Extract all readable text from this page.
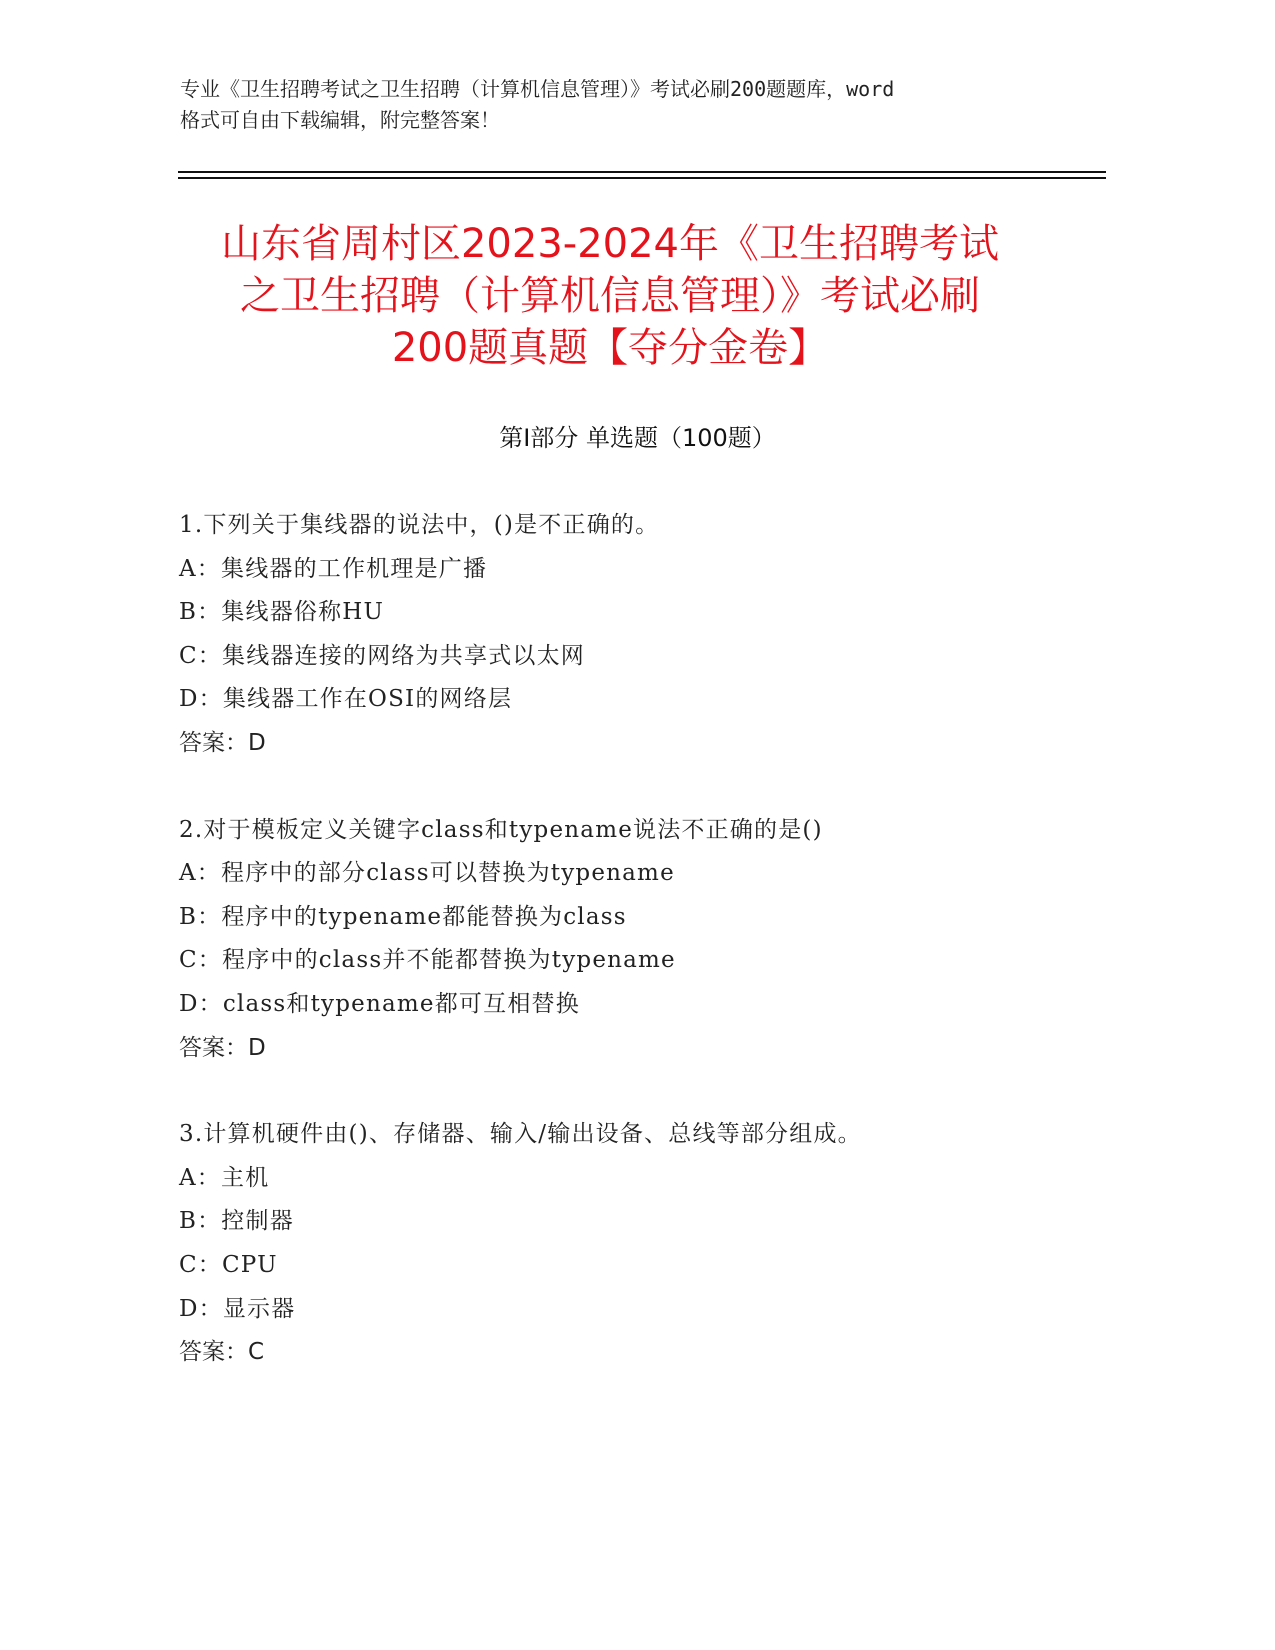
专业《卫生招聘考试之卫生招聘（计算机信息管理）》考试必刷200题题库，word
格式可自由下载编辑，附完整答案！
山东省周村区2023-2024年《卫生招聘考试
之卫生招聘（计算机信息管理）》考试必刷
200题真题【夺分金卷】
第Ⅰ部分 单选题（100题）
1.下列关于集线器的说法中，()是不正确的。
A：集线器的工作机理是广播
B：集线器俗称HU
C：集线器连接的网络为共享式以太网
D：集线器工作在OSI的网络层
答案：D
2.对于模板定义关键字class和typename说法不正确的是()
A：程序中的部分class可以替换为typename
B：程序中的typename都能替换为class
C：程序中的class并不能都替换为typename
D：class和typename都可互相替换
答案：D
3.计算机硬件由()、存储器、输入/输出设备、总线等部分组成。
A：主机
B：控制器
C：CPU
D：显示器
答案：C
